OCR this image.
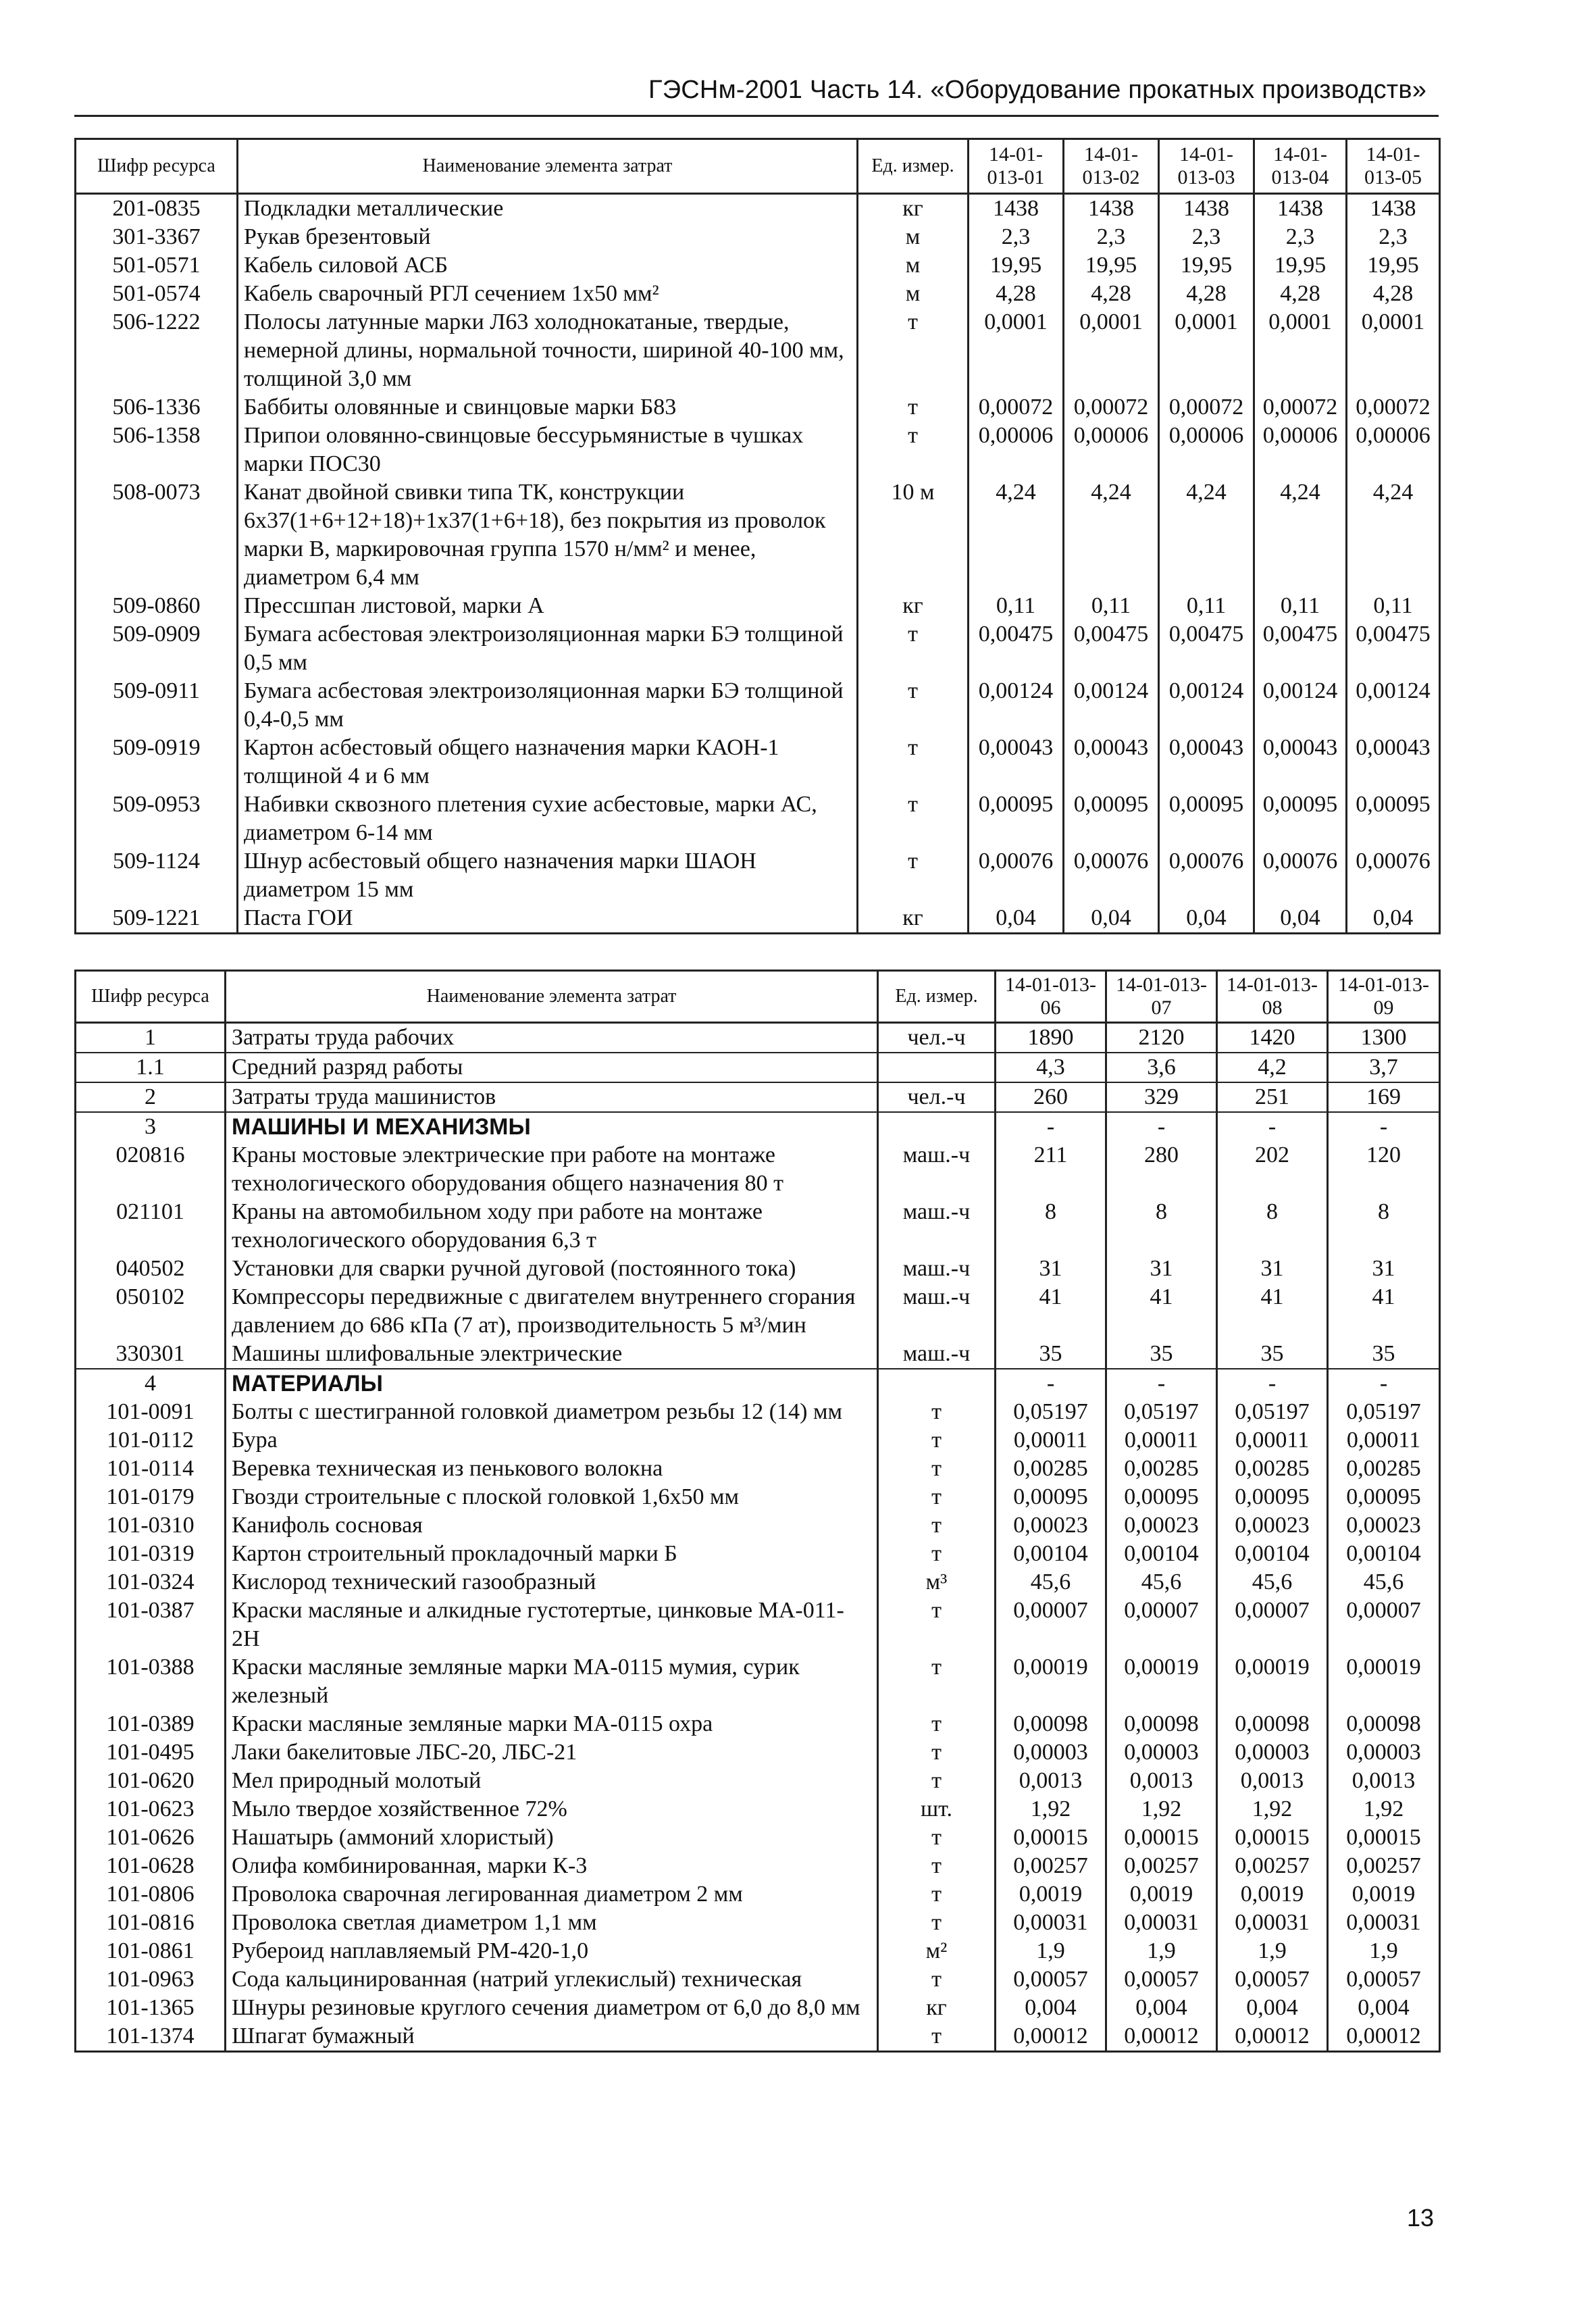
ГЭСНм-2001 Часть 14. «Оборудование прокатных производств»
Шифр ресурса	Наименование элемента затрат	Ед. измер.	14-01-013-01	14-01-013-02	14-01-013-03	14-01-013-04	14-01-013-05
201-0835	Подкладки металлические	кг	1438	1438	1438	1438	1438
301-3367	Рукав брезентовый	м	2,3	2,3	2,3	2,3	2,3
501-0571	Кабель силовой АСБ	м	19,95	19,95	19,95	19,95	19,95
501-0574	Кабель сварочный РГЛ сечением 1х50 мм²	м	4,28	4,28	4,28	4,28	4,28
506-1222	Полосы латунные марки Л63 холоднокатаные, твердые, немерной длины, нормальной точности, шириной 40-100 мм, толщиной 3,0 мм	т	0,0001	0,0001	0,0001	0,0001	0,0001
506-1336	Баббиты оловянные и свинцовые марки Б83	т	0,00072	0,00072	0,00072	0,00072	0,00072
506-1358	Припои оловянно-свинцовые бессурьмянистые в чушках марки ПОС30	т	0,00006	0,00006	0,00006	0,00006	0,00006
508-0073	Канат двойной свивки типа ТК, конструкции 6х37(1+6+12+18)+1х37(1+6+18), без покрытия из проволок марки В, маркировочная группа 1570 н/мм² и менее, диаметром 6,4 мм	10 м	4,24	4,24	4,24	4,24	4,24
509-0860	Прессшпан листовой, марки А	кг	0,11	0,11	0,11	0,11	0,11
509-0909	Бумага асбестовая электроизоляционная марки БЭ толщиной 0,5 мм	т	0,00475	0,00475	0,00475	0,00475	0,00475
509-0911	Бумага асбестовая электроизоляционная марки БЭ толщиной 0,4-0,5 мм	т	0,00124	0,00124	0,00124	0,00124	0,00124
509-0919	Картон асбестовый общего назначения марки КАОН-1 толщиной 4 и 6 мм	т	0,00043	0,00043	0,00043	0,00043	0,00043
509-0953	Набивки сквозного плетения сухие асбестовые, марки АС, диаметром 6-14 мм	т	0,00095	0,00095	0,00095	0,00095	0,00095
509-1124	Шнур асбестовый общего назначения марки ШАОН диаметром 15 мм	т	0,00076	0,00076	0,00076	0,00076	0,00076
509-1221	Паста ГОИ	кг	0,04	0,04	0,04	0,04	0,04
Шифр ресурса	Наименование элемента затрат	Ед. измер.	14-01-013-06	14-01-013-07	14-01-013-08	14-01-013-09
1	Затраты труда рабочих	чел.-ч	1890	2120	1420	1300
1.1	Средний разряд работы		4,3	3,6	4,2	3,7
2	Затраты труда машинистов	чел.-ч	260	329	251	169
3	МАШИНЫ И МЕХАНИЗМЫ		-	-	-	-
020816	Краны мостовые электрические при работе на монтаже технологического оборудования общего назначения 80 т	маш.-ч	211	280	202	120
021101	Краны на автомобильном ходу при работе на монтаже технологического оборудования 6,3 т	маш.-ч	8	8	8	8
040502	Установки для сварки ручной дуговой (постоянного тока)	маш.-ч	31	31	31	31
050102	Компрессоры передвижные с двигателем внутреннего сгорания давлением до 686 кПа (7 ат), производительность 5 м³/мин	маш.-ч	41	41	41	41
330301	Машины шлифовальные электрические	маш.-ч	35	35	35	35
4	МАТЕРИАЛЫ		-	-	-	-
101-0091	Болты с шестигранной головкой диаметром резьбы 12 (14) мм	т	0,05197	0,05197	0,05197	0,05197
101-0112	Бура	т	0,00011	0,00011	0,00011	0,00011
101-0114	Веревка техническая из пенькового волокна	т	0,00285	0,00285	0,00285	0,00285
101-0179	Гвозди строительные с плоской головкой 1,6х50 мм	т	0,00095	0,00095	0,00095	0,00095
101-0310	Канифоль сосновая	т	0,00023	0,00023	0,00023	0,00023
101-0319	Картон строительный прокладочный марки Б	т	0,00104	0,00104	0,00104	0,00104
101-0324	Кислород технический газообразный	м³	45,6	45,6	45,6	45,6
101-0387	Краски масляные и алкидные густотертые, цинковые МА-011-2Н	т	0,00007	0,00007	0,00007	0,00007
101-0388	Краски масляные земляные марки МА-0115 мумия, сурик железный	т	0,00019	0,00019	0,00019	0,00019
101-0389	Краски масляные земляные марки МА-0115 охра	т	0,00098	0,00098	0,00098	0,00098
101-0495	Лаки бакелитовые ЛБС-20, ЛБС-21	т	0,00003	0,00003	0,00003	0,00003
101-0620	Мел природный молотый	т	0,0013	0,0013	0,0013	0,0013
101-0623	Мыло твердое хозяйственное 72%	шт.	1,92	1,92	1,92	1,92
101-0626	Нашатырь (аммоний хлористый)	т	0,00015	0,00015	0,00015	0,00015
101-0628	Олифа комбинированная, марки К-3	т	0,00257	0,00257	0,00257	0,00257
101-0806	Проволока сварочная легированная диаметром 2 мм	т	0,0019	0,0019	0,0019	0,0019
101-0816	Проволока светлая диаметром 1,1 мм	т	0,00031	0,00031	0,00031	0,00031
101-0861	Рубероид наплавляемый РМ-420-1,0	м²	1,9	1,9	1,9	1,9
101-0963	Сода кальцинированная (натрий углекислый) техническая	т	0,00057	0,00057	0,00057	0,00057
101-1365	Шнуры резиновые круглого сечения диаметром от 6,0 до 8,0 мм	кг	0,004	0,004	0,004	0,004
101-1374	Шпагат бумажный	т	0,00012	0,00012	0,00012	0,00012
13
